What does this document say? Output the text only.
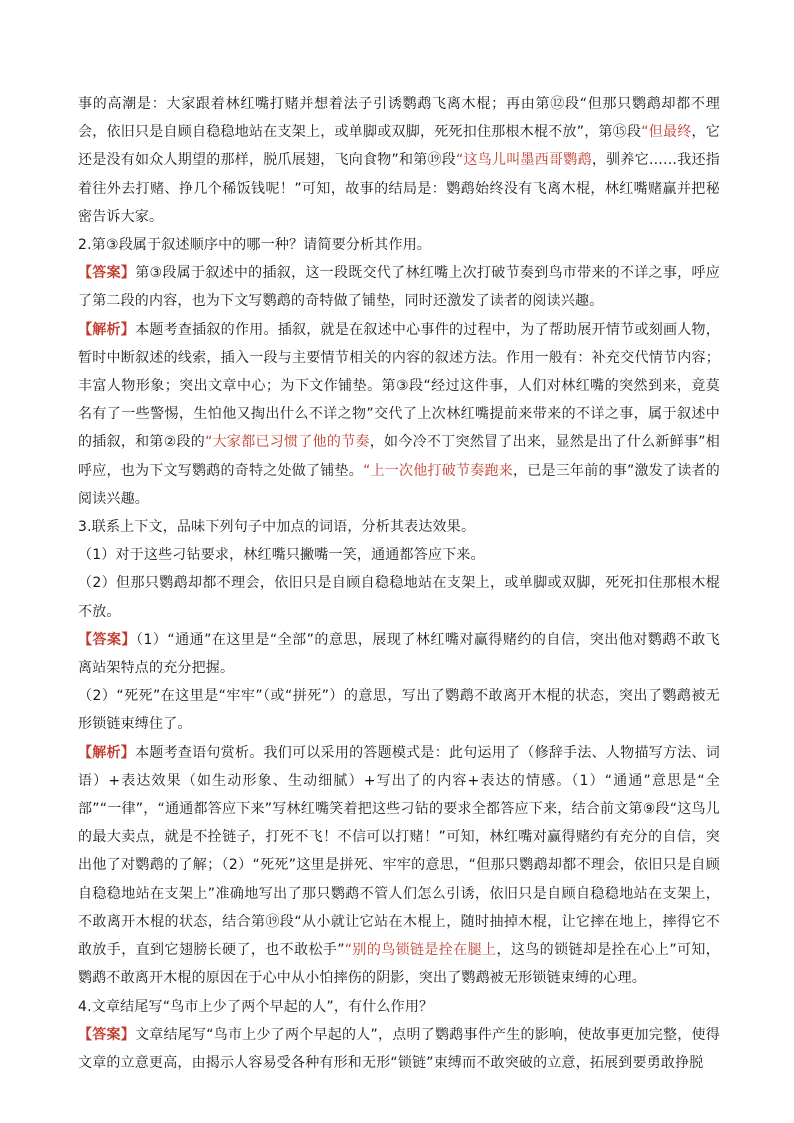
事的高潮是：大家跟着林红嘴打赌并想着法子引诱鹦鹉飞离木棍；再由第⑫段“但那只鹦鹉却都不理会，依旧只是自顾自稳稳地站在支架上，或单脚或双脚，死死扣住那根木棍不放”，第⑮段“但最终，它还是没有如众人期望的那样，脱爪展翅，飞向食物”和第⑲段“这鸟儿叫墨西哥鹦鹉，驯养它……我还指着往外去打赌、挣几个稀饭钱呢！”可知，故事的结局是：鹦鹉始终没有飞离木棍，林红嘴赌赢并把秘密告诉大家。
2.第③段属于叙述顺序中的哪一种？请简要分析其作用。
【答案】第③段属于叙述中的插叙，这一段既交代了林红嘴上次打破节奏到鸟市带来的不详之事，呼应了第二段的内容，也为下文写鹦鹉的奇特做了铺垫，同时还激发了读者的阅读兴趣。
【解析】本题考查插叙的作用。插叙，就是在叙述中心事件的过程中，为了帮助展开情节或刻画人物，暂时中断叙述的线索，插入一段与主要情节相关的内容的叙述方法。作用一般有：补充交代情节内容；丰富人物形象；突出文章中心；为下文作铺垫。第③段“经过这件事，人们对林红嘴的突然到来，竟莫名有了一些警惕，生怕他又掏出什么不详之物”交代了上次林红嘴提前来带来的不详之事，属于叙述中的插叙，和第②段的“大家都已习惯了他的节奏，如今冷不丁突然冒了出来，显然是出了什么新鲜事”相呼应，也为下文写鹦鹉的奇特之处做了铺垫。“上一次他打破节奏跑来，已是三年前的事”激发了读者的阅读兴趣。
3.联系上下文，品味下列句子中加点的词语，分析其表达效果。
（1）对于这些刁钻要求，林红嘴只撇嘴一笑，通通都答应下来。
（2）但那只鹦鹉却都不理会，依旧只是自顾自稳稳地站在支架上，或单脚或双脚，死死扣住那根木棍不放。
【答案】（1）“通通”在这里是“全部”的意思，展现了林红嘴对赢得赌约的自信，突出他对鹦鹉不敢飞离站架特点的充分把握。
（2）“死死”在这里是“牢牢”（或“拼死”）的意思，写出了鹦鹉不敢离开木棍的状态，突出了鹦鹉被无形锁链束缚住了。
【解析】本题考查语句赏析。我们可以采用的答题模式是：此句运用了（修辞手法、人物描写方法、词语）+表达效果（如生动形象、生动细腻）+写出了的内容+表达的情感。（1）“通通”意思是“全部”“一律”，“通通都答应下来”写林红嘴笑着把这些刁钻的要求全都答应下来，结合前文第⑨段“这鸟儿的最大卖点，就是不拴链子，打死不飞！不信可以打赌！”可知，林红嘴对赢得赌约有充分的自信，突出他了对鹦鹉的了解；（2）“死死”这里是拼死、牢牢的意思，“但那只鹦鹉却都不理会，依旧只是自顾自稳稳地站在支架上”准确地写出了那只鹦鹉不管人们怎么引诱，依旧只是自顾自稳稳地站在支架上，不敢离开木棍的状态，结合第⑲段“从小就让它站在木棍上，随时抽掉木棍，让它摔在地上，摔得它不敢放手，直到它翅膀长硬了，也不敢松手”“别的鸟锁链是拴在腿上，这鸟的锁链却是拴在心上”可知，鹦鹉不敢离开木棍的原因在于心中从小怕摔伤的阴影，突出了鹦鹉被无形锁链束缚的心理。
4.文章结尾写“鸟市上少了两个早起的人”，有什么作用？
【答案】文章结尾写“鸟市上少了两个早起的人”，点明了鹦鹉事件产生的影响，使故事更加完整，使得文章的立意更高，由揭示人容易受各种有形和无形“锁链”束缚而不敢突破的立意，拓展到要勇敢挣脱
